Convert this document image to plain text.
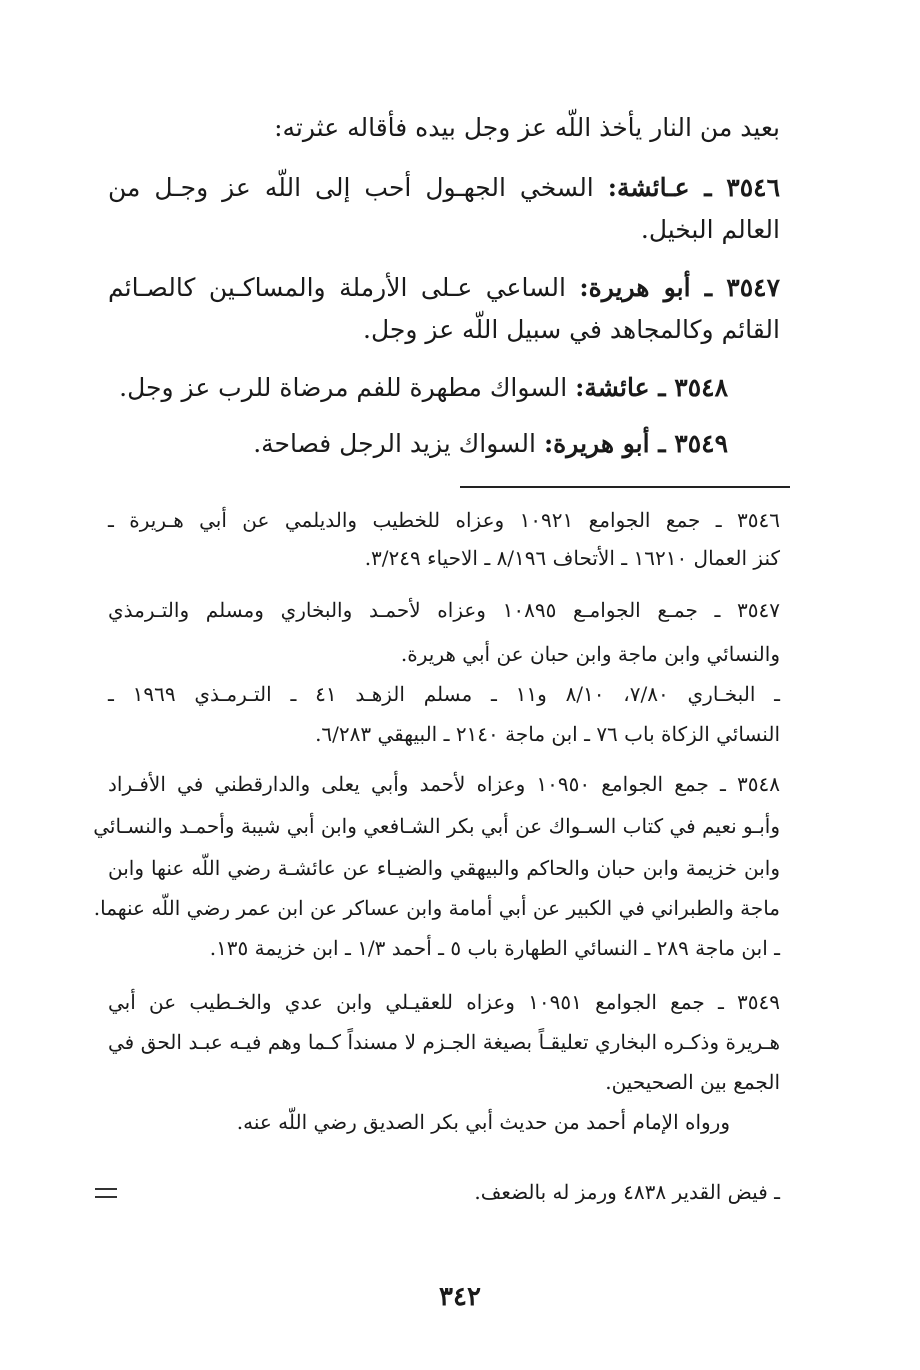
بعيد من النار يأخذ اللّه عز وجل بيده فأقاله عثرته:

٣٥٤٦ ـ عـائشة: السخي الجهـول أحب إلى اللّه عز وجـل من

العالم البخيل.

٣٥٤٧ ـ أبو هريرة: الساعي عـلى الأرملة والمساكـين كالصـائم

القائم وكالمجاهد في سبيل اللّه عز وجل.

٣٥٤٨ ـ عائشة: السواك مطهرة للفم مرضاة للرب عز وجل.

٣٥٤٩ ـ أبو هريرة: السواك يزيد الرجل فصاحة.

٣٥٤٦ ـ جمع الجوامع ١٠٩٢١ وعزاه للخطيب والديلمي عن أبي هـريرة ـ

كنز العمال ١٦٢١٠ ـ الأتحاف ٨/١٩٦ ـ الاحياء ٣/٢٤٩.

٣٥٤٧ ـ جمـع الجوامـع ١٠٨٩٥ وعزاه لأحمـد والبخاري ومسلم والتـرمذي

والنسائي وابن ماجة وابن حبان عن أبي هريرة.

ـ البخـاري ٧/٨٠، ٨/١٠ و١١ ـ مسلم الزهـد ٤١ ـ التـرمـذي ١٩٦٩ ـ

النسائي الزكاة باب ٧٦ ـ ابن ماجة ٢١٤٠ ـ البيهقي ٦/٢٨٣.

٣٥٤٨ ـ جمع الجوامع ١٠٩٥٠ وعزاه لأحمد وأبي يعلى والدارقطني في الأفـراد

وأبـو نعيم في كتاب السـواك عن أبي بكر الشـافعي وابن أبي شيبة وأحمـد والنسـائي

وابن خزيمة وابن حبان والحاكم والبيهقي والضيـاء عن عائشـة رضي اللّه عنها وابن

ماجة والطبراني في الكبير عن أبي أمامة وابن عساكر عن ابن عمر رضي اللّه عنهما.

ـ ابن ماجة ٢٨٩ ـ النسائي الطهارة باب ٥ ـ أحمد ١/٣ ـ ابن خزيمة ١٣٥.

٣٥٤٩ ـ جمع الجوامع ١٠٩٥١ وعزاه للعقيـلي وابن عدي والخـطيب عن أبي

هـريرة وذكـره البخاري تعليقـاً بصيغة الجـزم لا مسنداً كـما وهم فيـه عبـد الحق في

الجمع بين الصحيحين.

ورواه الإمام أحمد من حديث أبي بكر الصديق رضي اللّه عنه.

ـ فيض القدير ٤٨٣٨ ورمز له بالضعف.

٣٤٢
